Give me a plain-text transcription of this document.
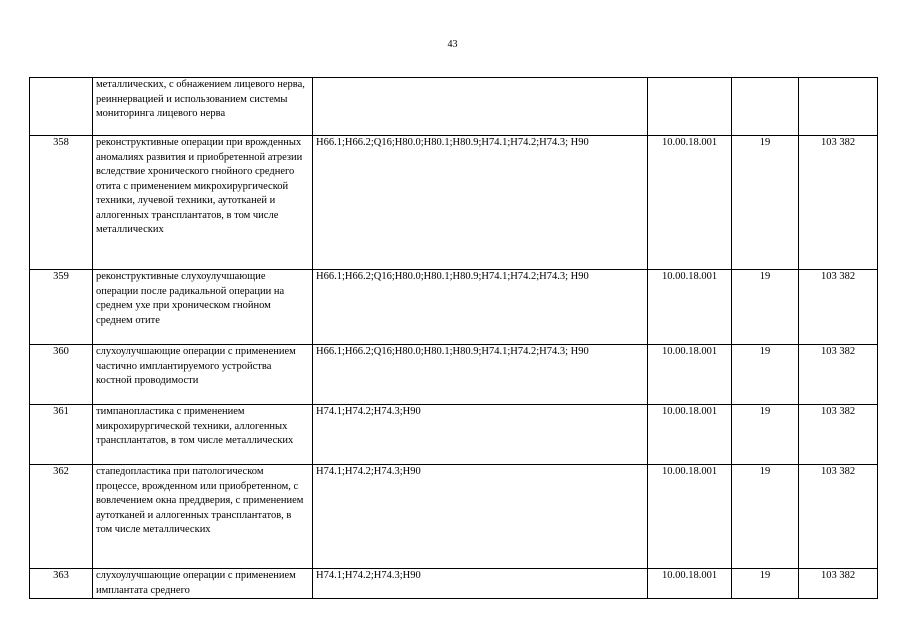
43
	металлических, с обнажением лицевого нерва, реиннервацией и использованием системы мониторинга лицевого нерва				
358	реконструктивные операции при врожденных аномалиях развития и приобретенной атрезии вследствие хронического гнойного среднего отита с применением микрохирургической техники, лучевой техники, аутотканей и аллогенных трансплантатов, в том числе металлических	H66.1;H66.2;Q16;H80.0;H80.1;H80.9;H74.1;H74.2;H74.3; H90	10.00.18.001	19	103 382
359	реконструктивные слухоулучшающие операции после радикальной операции на среднем ухе при хроническом гнойном среднем отите	H66.1;H66.2;Q16;H80.0;H80.1;H80.9;H74.1;H74.2;H74.3; H90	10.00.18.001	19	103 382
360	слухоулучшающие операции с применением частично имплантируемого устройства костной проводимости	H66.1;H66.2;Q16;H80.0;H80.1;H80.9;H74.1;H74.2;H74.3; H90	10.00.18.001	19	103 382
361	тимпанопластика с применением микрохирургической техники, аллогенных трансплантатов, в том числе металлических	H74.1;H74.2;H74.3;H90	10.00.18.001	19	103 382
362	стапедопластика при патологическом процессе, врожденном или приобретенном, с вовлечением окна преддверия, с применением аутотканей и аллогенных трансплантатов, в том числе металлических	H74.1;H74.2;H74.3;H90	10.00.18.001	19	103 382
363	слухоулучшающие операции с применением имплантата среднего	H74.1;H74.2;H74.3;H90	10.00.18.001	19	103 382
